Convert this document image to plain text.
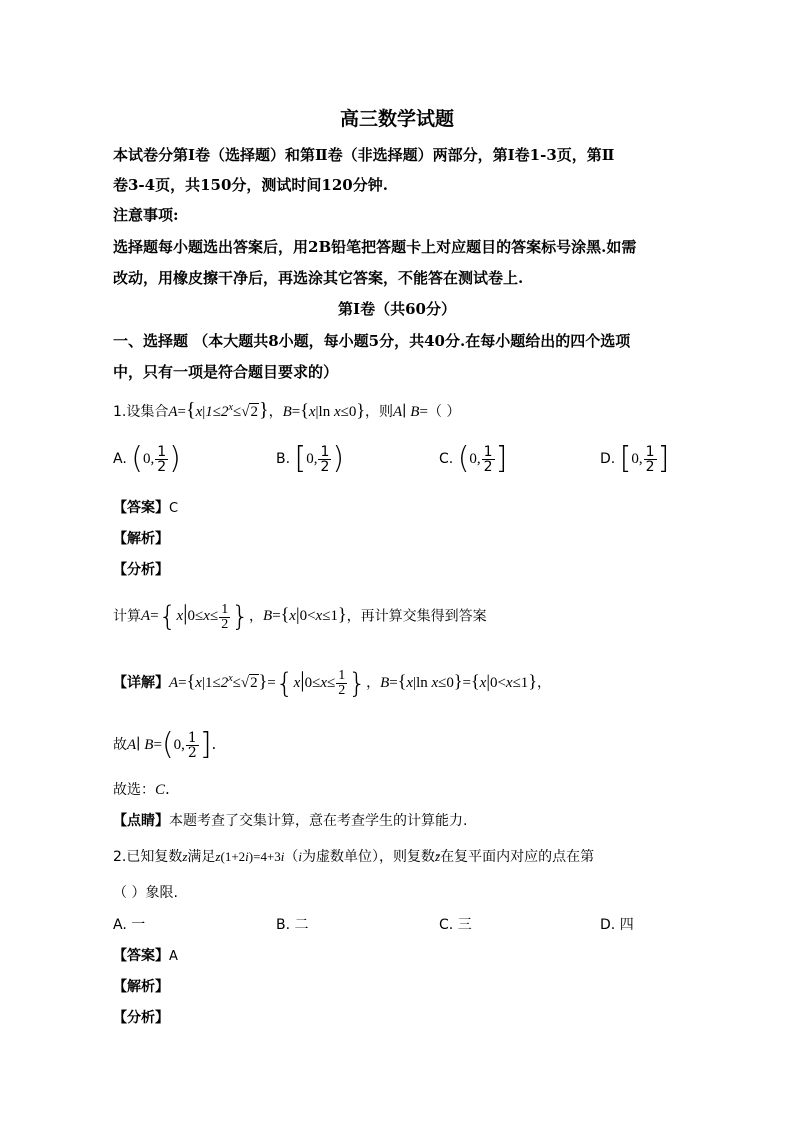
高三数学试题
本试卷分第Ⅰ卷（选择题）和第Ⅱ卷（非选择题）两部分，第Ⅰ卷1-3页，第Ⅱ
卷3-4页，共150分，测试时间120分钟.
注意事项:
选择题每小题选出答案后，用2B铅笔把答题卡上对应题目的答案标号涂黑.如需
改动，用橡皮擦干净后，再选涂其它答案，不能答在测试卷上.
第Ⅰ卷（共60分）
一、选择题 （本大题共8小题，每小题5分，共40分.在每小题给出的四个选项
中，只有一项是符合题目要求的）
1.设集合$A=\{x|1\le 2^x\le√2\}$，B={x|ln x≤0}，则A∣ B=（ ）
A. (0, $\frac{1}{2}$ )	B. [0, $\frac{1}{2}$ )	C. (0, $\frac{1}{2}$ ]	D. [0, $\frac{1}{2}$ ]
【答案】C
【解析】
【分析】
计算$A=\{x|0\le x\le \frac{1}{2}$ }，B={x|0<x≤1}，再计算交集得到答案
【详解】$A=\{x|1\le 2^x\le√2\}=\{x|0\le x\le \frac{1}{2}$ }，B={x|ln x≤0}={x|0<x≤1}，
故A∣ B=(0, $\frac{1}{2}$ ].
故选：C.
【点睛】本题考查了交集计算，意在考查学生的计算能力.
2.已知复数z满足z(1+2i)=4+3i（i为虚数单位），则复数z̄在复平面内对应的点在第
（ ）象限.
A. 一	B. 二	C. 三	D. 四
【答案】A
【解析】
【分析】
